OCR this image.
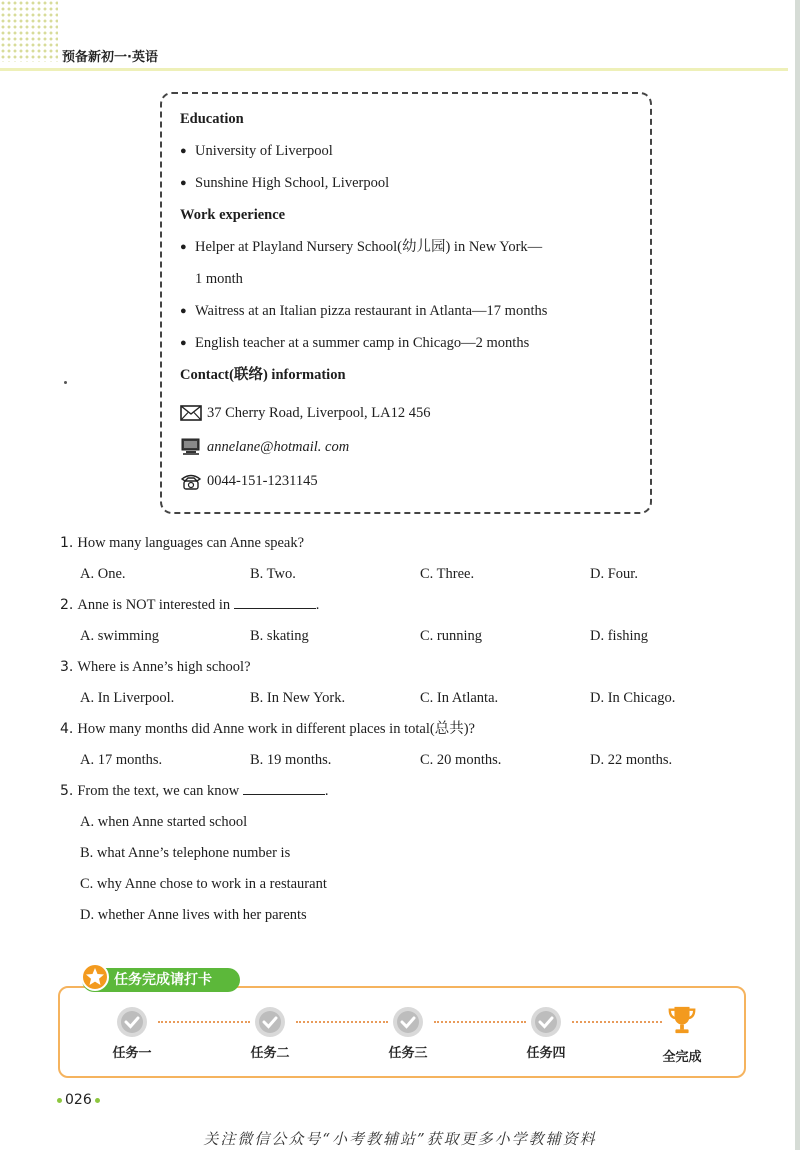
预备新初一·英语
Education
● University of Liverpool
● Sunshine High School, Liverpool
Work experience
● Helper at Playland Nursery School(幼儿园) in New York—
1 month
● Waitress at an Italian pizza restaurant in Atlanta—17 months
● English teacher at a summer camp in Chicago—2 months
Contact(联络) information
37 Cherry Road, Liverpool, LA12 456
annelane@hotmail. com
0044-151-1231145
1. How many languages can Anne speak?
A. One.	B. Two.	C. Three.	D. Four.
2. Anne is NOT interested in	.
A. swimming	B. skating	C. running	D. fishing
3. Where is Anne’s high school?
A. In Liverpool.	B. In New York.	C. In Atlanta.	D. In Chicago.
4. How many months did Anne work in different places in total(总共)?
A. 17 months.	B. 19 months.	C. 20 months.	D. 22 months.
5. From the text, we can know	.
A. when Anne started school
B. what Anne’s telephone number is
C. why Anne chose to work in a restaurant
D. whether Anne lives with her parents
任务完成请打卡
任务一	任务二	任务三	任务四	全完成
026
关注微信公众号“小考教辅站”获取更多小学教辅资料
